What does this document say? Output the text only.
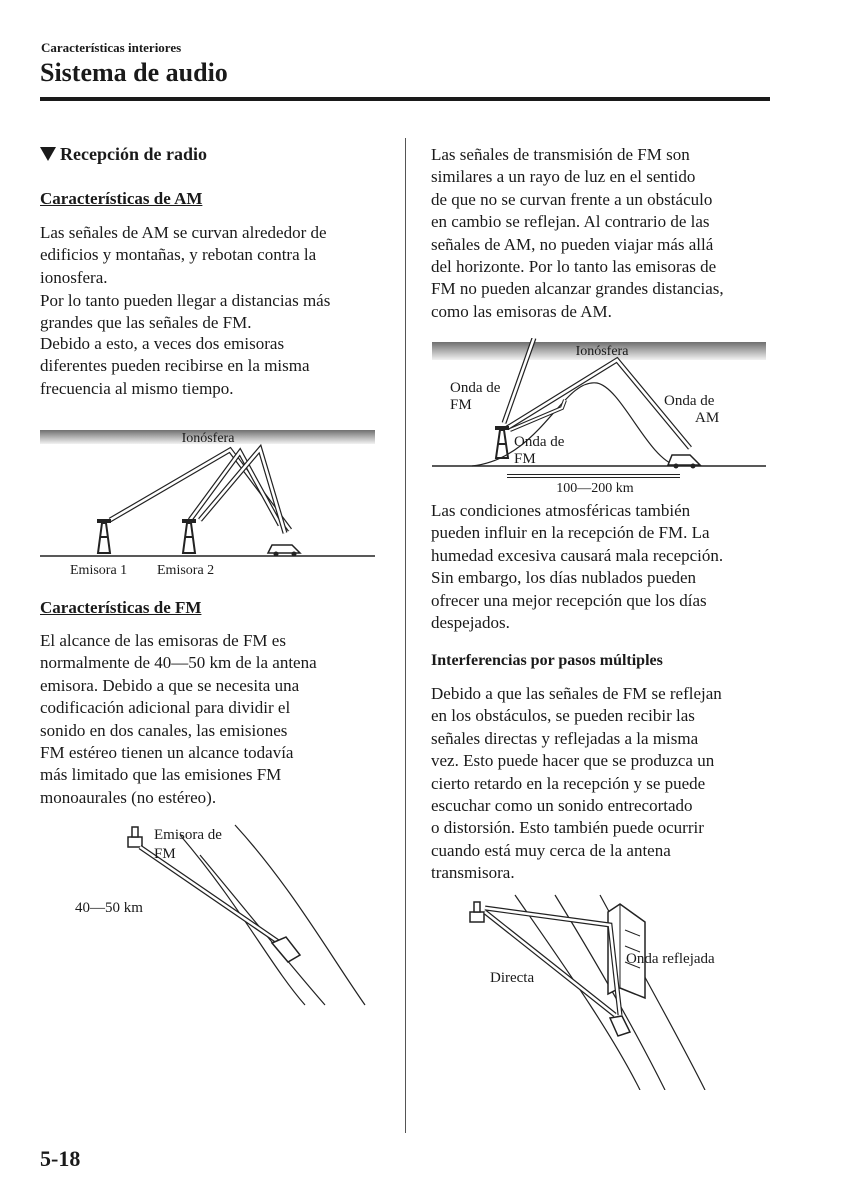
Características interiores
Sistema de audio
Recepción de radio
Características de AM
Las señales de AM se curvan alrededor de
edificios y montañas, y rebotan contra la
ionosfera.
Por lo tanto pueden llegar a distancias más
grandes que las señales de FM.
Debido a esto, a veces dos emisoras
diferentes pueden recibirse en la misma
frecuencia al mismo tiempo.
Ionósfera
Emisora 1 Emisora 2
Características de FM
El alcance de las emisoras de FM es
normalmente de 40—50 km de la antena
emisora. Debido a que se necesita una
codificación adicional para dividir el
sonido en dos canales, las emisiones
FM estéreo tienen un alcance todavía
más limitado que las emisiones FM
monoaurales (no estéreo).
Emisora de
FM
40—50 km
Las señales de transmisión de FM son
similares a un rayo de luz en el sentido
de que no se curvan frente a un obstáculo
en cambio se reflejan. Al contrario de las
señales de AM, no pueden viajar más allá
del horizonte. Por lo tanto las emisoras de
FM no pueden alcanzar grandes distancias,
como las emisoras de AM.
Ionósfera
100—200 km
Onda de
FM	Onda de
AM
Onda de
FM
Las condiciones atmosféricas también
pueden influir en la recepción de FM. La
humedad excesiva causará mala recepción.
Sin embargo, los días nublados pueden
ofrecer una mejor recepción que los días
despejados.
Interferencias por pasos múltiples
Debido a que las señales de FM se reflejan
en los obstáculos, se pueden recibir las
señales directas y reflejadas a la misma
vez. Esto puede hacer que se produzca un
cierto retardo en la recepción y se puede
escuchar como un sonido entrecortado
o distorsión. Esto también puede ocurrir
cuando está muy cerca de la antena
transmisora.
Onda reflejada
Directa
5-18
